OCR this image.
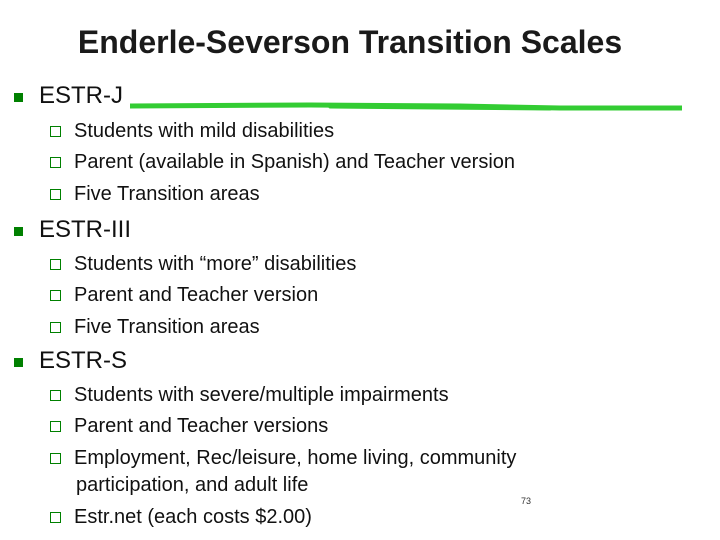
Enderle-Severson Transition Scales
ESTR-J
Students with mild disabilities
Parent (available in Spanish) and Teacher version
Five Transition areas
ESTR-III
Students with “more” disabilities
Parent and Teacher version
Five Transition areas
ESTR-S
Students with severe/multiple impairments
Parent and Teacher versions
Employment, Rec/leisure, home living, community
participation, and adult life
Estr.net (each costs $2.00)
73
